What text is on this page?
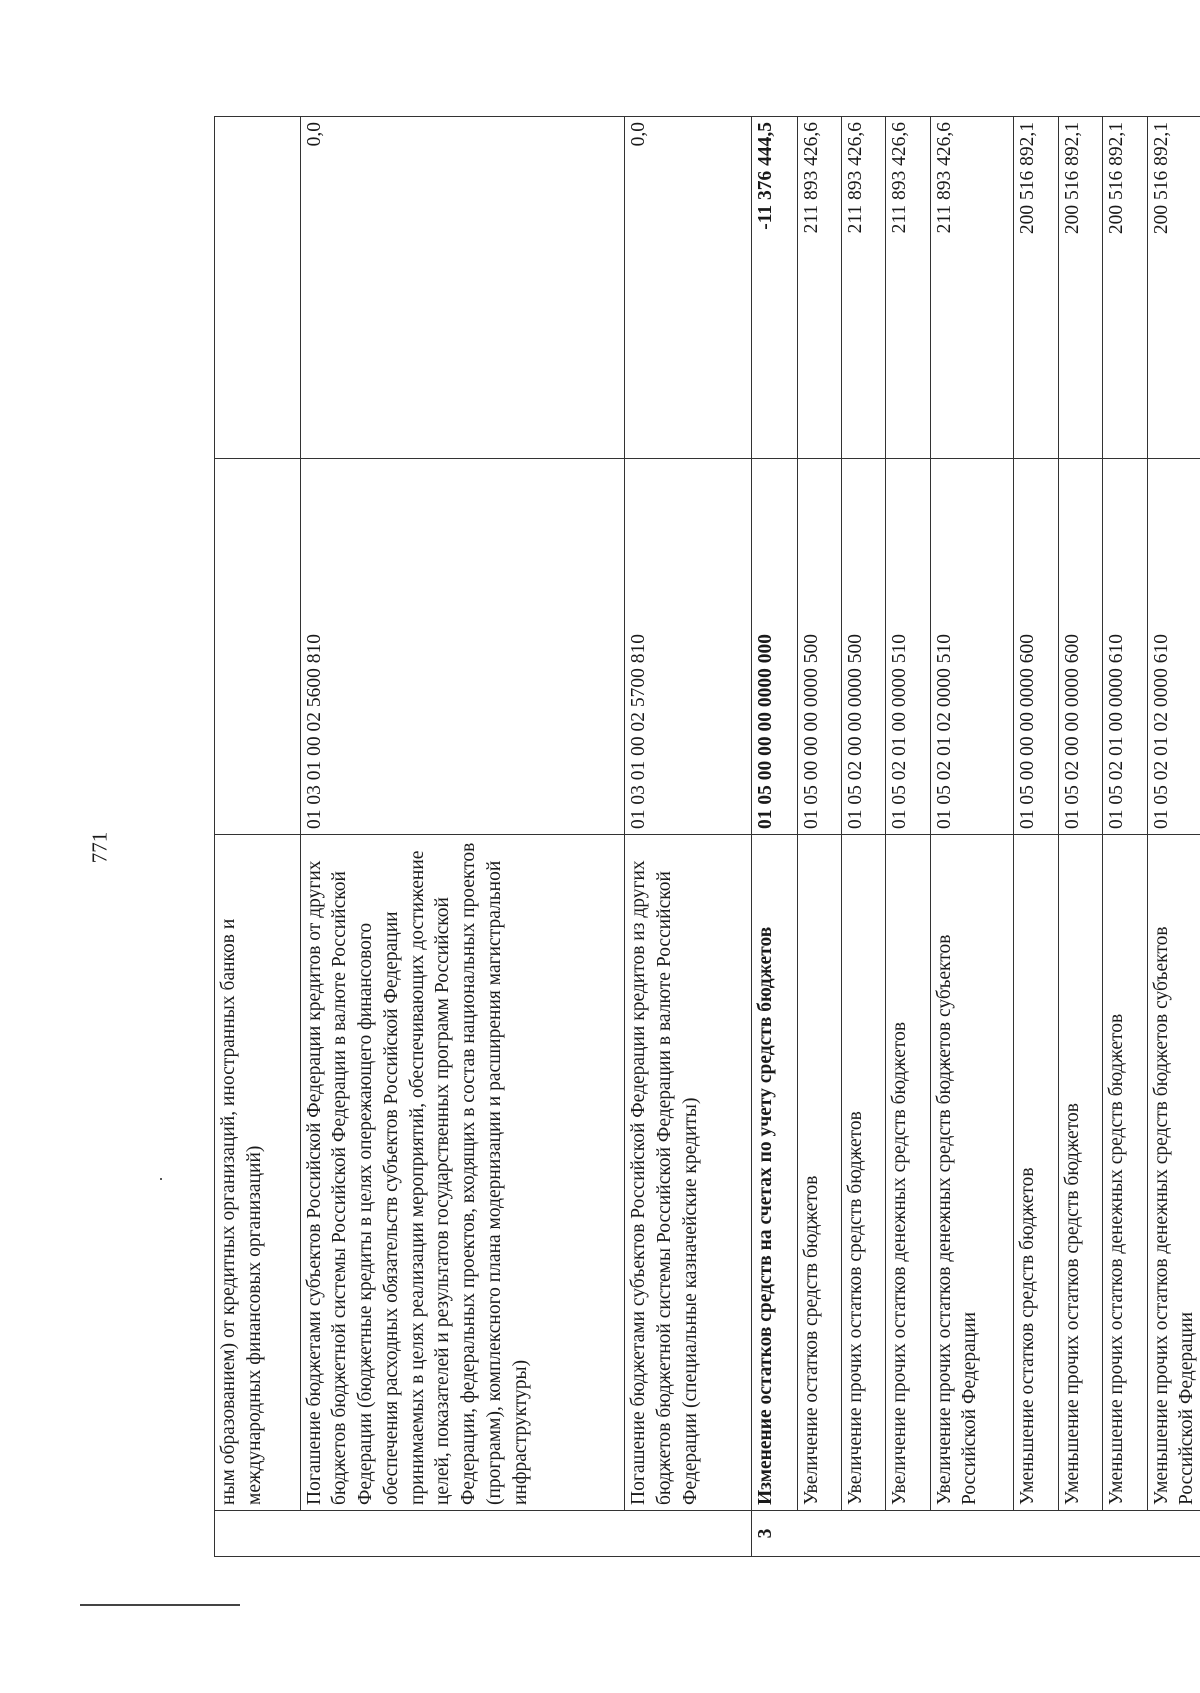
771
	ным образованием) от кредитных организаций, иностранных банков и международных финансовых организаций)		
	Погашение бюджетами субъектов Российской Федерации кредитов от других бюджетов бюджетной системы Российской Федерации в валюте Российской Федерации (бюджетные кредиты в целях опережающего финансового обеспечения расходных обязательств субъектов Российской Федерации принимаемых в целях реализации мероприятий, обеспечивающих достижение целей, показателей и результатов государственных программ Российской Федерации, федеральных проектов, входящих в состав национальных проектов (программ), комплексного плана модернизации и расширения магистральной инфраструктуры)	01 03 01 00 02 5600 810	0,0
	Погашение бюджетами субъектов Российской Федерации кредитов из других бюджетов бюджетной системы Российской Федерации в валюте Российской Федерации (специальные казначейские кредиты)	01 03 01 00 02 5700 810	0,0
3	Изменение остатков средств на счетах по учету средств бюджетов	01 05 00 00 00 0000 000	-11 376 444,5
	Увеличение остатков средств бюджетов	01 05 00 00 00 0000 500	211 893 426,6
	Увеличение прочих остатков средств бюджетов	01 05 02 00 00 0000 500	211 893 426,6
	Увеличение прочих остатков денежных средств бюджетов	01 05 02 01 00 0000 510	211 893 426,6
	Увеличение прочих остатков денежных средств бюджетов субъектов Российской Федерации	01 05 02 01 02 0000 510	211 893 426,6
	Уменьшение остатков средств бюджетов	01 05 00 00 00 0000 600	200 516 892,1
	Уменьшение прочих остатков средств бюджетов	01 05 02 00 00 0000 600	200 516 892,1
	Уменьшение прочих остатков денежных средств бюджетов	01 05 02 01 00 0000 610	200 516 892,1
	Уменьшение прочих остатков денежных средств бюджетов субъектов Российской Федерации	01 05 02 01 02 0000 610	200 516 892,1
